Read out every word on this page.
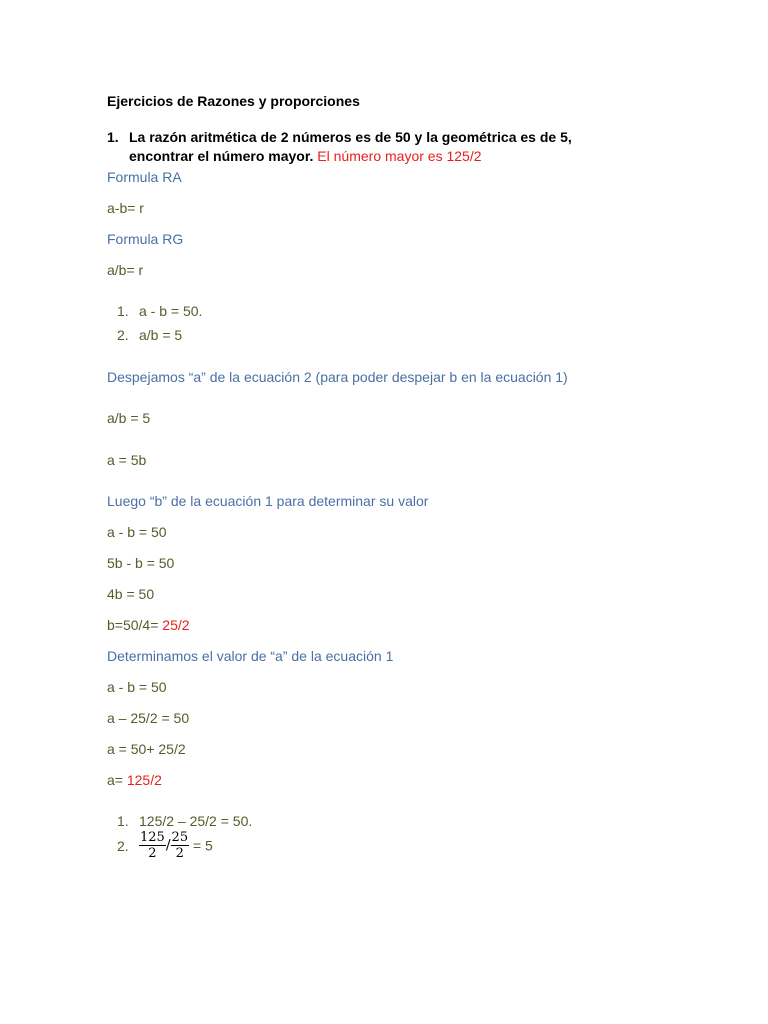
Ejercicios de Razones y proporciones
1. La razón aritmética de 2 números es de 50 y la geométrica es de 5,
encontrar el número mayor. El número mayor es 125/2
Formula RA
a-b= r
Formula RG
a/b= r
1. a - b = 50.
2. a/b = 5
Despejamos “a” de la ecuación 2 (para poder despejar b en la ecuación 1)
a/b = 5
a = 5b
Luego “b” de la ecuación 1 para determinar su valor
a - b = 50
5b - b = 50
4b = 50
b=50/4= 25/2
Determinamos el valor de “a” de la ecuación 1
a - b = 50
a – 25/2 = 50
a = 50+ 25/2
a= 125/2
1. 125/2 – 25/2 = 50.
2. $\frac{125}{2} / \frac{25}{2} = 5$
